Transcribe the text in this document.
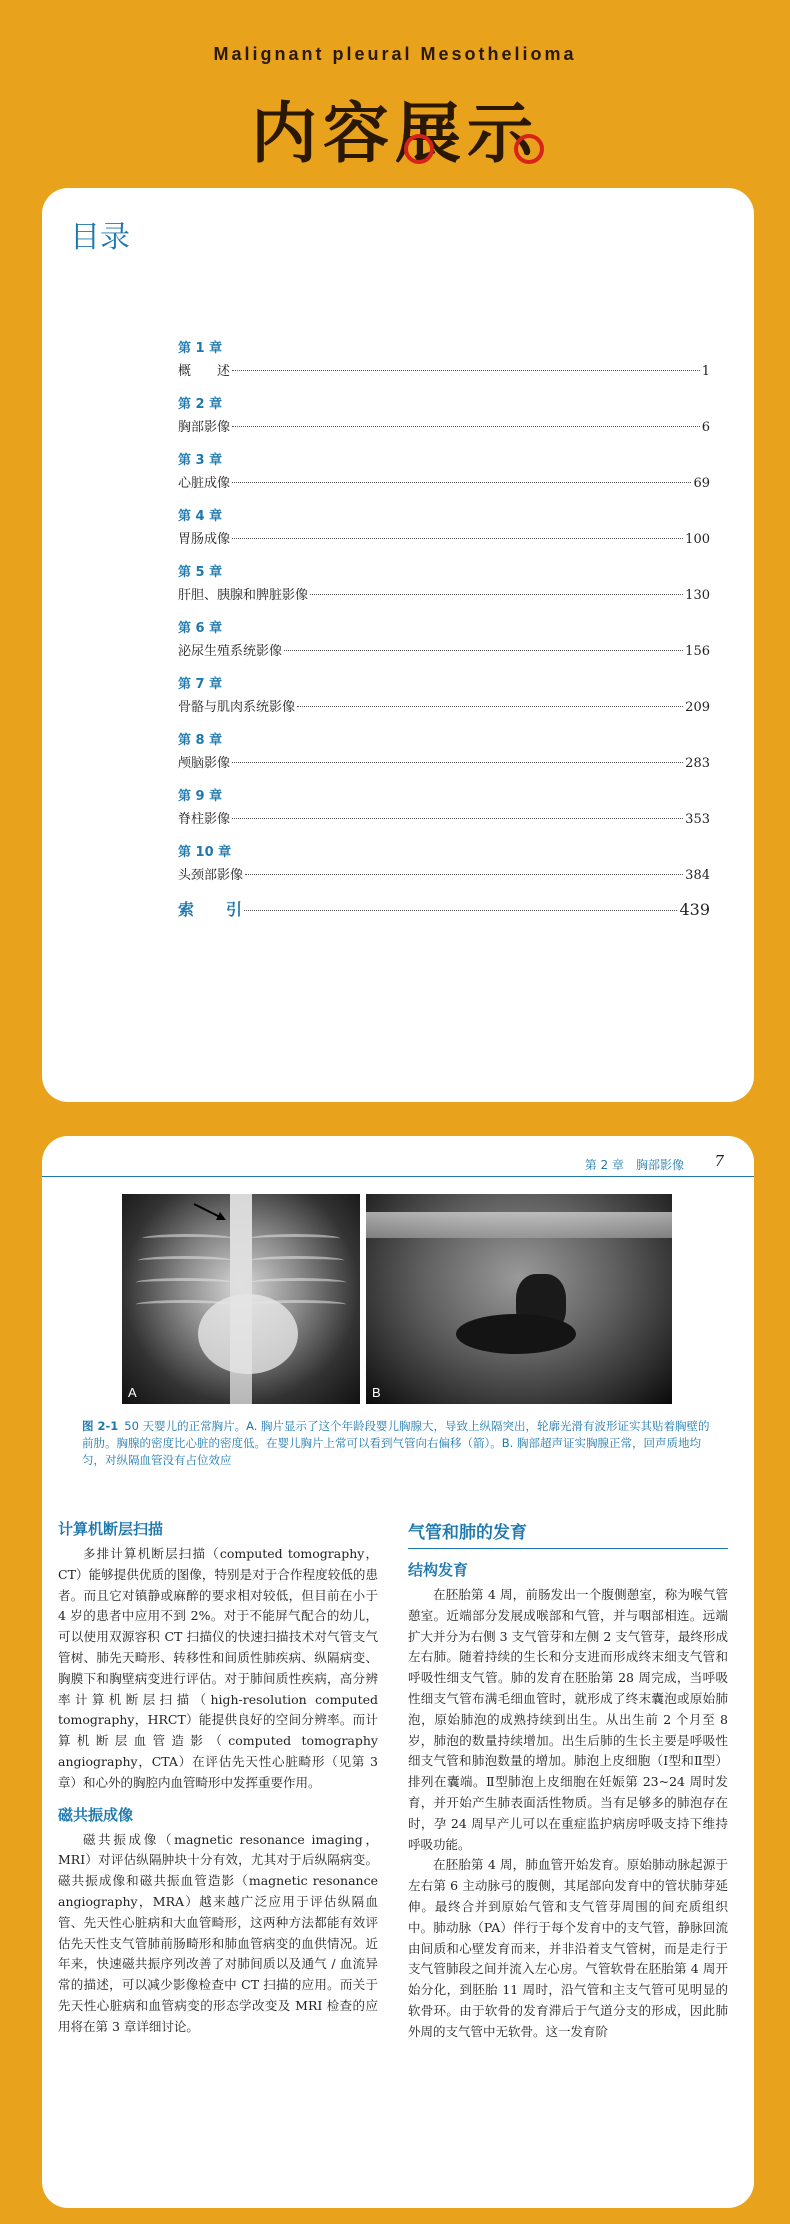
Malignant pleural Mesothelioma
内容展示
目录
第 1 章
概　　述	1
第 2 章
胸部影像	6
第 3 章
心脏成像	69
第 4 章
胃肠成像	100
第 5 章
肝胆、胰腺和脾脏影像	130
第 6 章
泌尿生殖系统影像	156
第 7 章
骨骼与肌肉系统影像	209
第 8 章
颅脑影像	283
第 9 章
脊柱影像	353
第 10 章
头颈部影像	384
索　　引	439
第 2 章　胸部影像 7
A	B
图 2-1 50 天婴儿的正常胸片。A. 胸片显示了这个年龄段婴儿胸腺大，导致上纵隔突出，轮廓光滑有波形证实其贴着胸壁的前肋。胸腺的密度比心脏的密度低。在婴儿胸片上常可以看到气管向右偏移（箭）。B. 胸部超声证实胸腺正常，回声质地均匀，对纵隔血管没有占位效应
计算机断层扫描

多排计算机断层扫描（computed tomography，CT）能够提供优质的图像，特别是对于合作程度较低的患者。而且它对镇静或麻醉的要求相对较低，但目前在小于 4 岁的患者中应用不到 2%。对于不能屏气配合的幼儿，可以使用双源容积 CT 扫描仪的快速扫描技术对气管支气管树、肺先天畸形、转移性和间质性肺疾病、纵隔病变、胸膜下和胸壁病变进行评估。对于肺间质性疾病，高分辨率计算机断层扫描（high-resolution computed tomography，HRCT）能提供良好的空间分辨率。而计算机断层血管造影（computed tomography angiography，CTA）在评估先天性心脏畸形（见第 3 章）和心外的胸腔内血管畸形中发挥重要作用。

磁共振成像

磁共振成像（magnetic resonance imaging，MRI）对评估纵隔肿块十分有效，尤其对于后纵隔病变。磁共振成像和磁共振血管造影（magnetic resonance angiography，MRA）越来越广泛应用于评估纵隔血管、先天性心脏病和大血管畸形，这两种方法都能有效评估先天性支气管肺前肠畸形和肺血管病变的血供情况。近年来，快速磁共振序列改善了对肺间质以及通气 / 血流异常的描述，可以减少影像检查中 CT 扫描的应用。而关于先天性心脏病和血管病变的形态学改变及 MRI 检查的应用将在第 3 章详细讨论。

气管和肺的发育
结构发育

在胚胎第 4 周，前肠发出一个腹侧憩室，称为喉气管憩室。近端部分发展成喉部和气管，并与咽部相连。远端扩大并分为右侧 3 支气管芽和左侧 2 支气管芽，最终形成左右肺。随着持续的生长和分支进而形成终末细支气管和呼吸性细支气管。肺的发育在胚胎第 28 周完成，当呼吸性细支气管布满毛细血管时，就形成了终末囊泡或原始肺泡，原始肺泡的成熟持续到出生。从出生前 2 个月至 8 岁，肺泡的数量持续增加。出生后肺的生长主要是呼吸性细支气管和肺泡数量的增加。肺泡上皮细胞（Ⅰ型和Ⅱ型）排列在囊端。Ⅱ型肺泡上皮细胞在妊娠第 23~24 周时发育，并开始产生肺表面活性物质。当有足够多的肺泡存在时，孕 24 周早产儿可以在重症监护病房呼吸支持下维持呼吸功能。

在胚胎第 4 周，肺血管开始发育。原始肺动脉起源于左右第 6 主动脉弓的腹侧，其尾部向发育中的管状肺芽延伸。最终合并到原始气管和支气管芽周围的间充质组织中。肺动脉（PA）伴行于每个发育中的支气管，静脉回流由间质和心壁发育而来，并非沿着支气管树，而是走行于支气管肺段之间并流入左心房。气管软骨在胚胎第 4 周开始分化，到胚胎 11 周时，沿气管和主支气管可见明显的软骨环。由于软骨的发育滞后于气道分支的形成，因此肺外周的支气管中无软骨。这一发育阶
